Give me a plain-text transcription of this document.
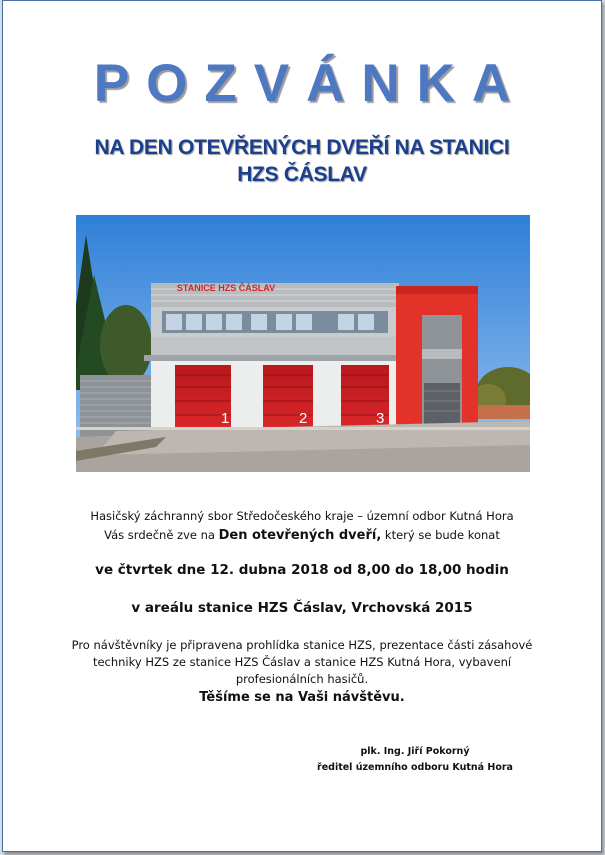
POZVÁNKA
NA DEN OTEVŘENÝCH DVEŘÍ NA STANICI
HZS ČÁSLAV
STANICE HZS ČÁSLAV
1	2	3
Hasičský záchranný sbor Středočeského kraje – územní odbor Kutná Hora
Vás srdečně zve na Den otevřených dveří, který se bude konat
ve čtvrtek dne 12. dubna 2018 od 8,00 do 18,00 hodin
v areálu stanice HZS Čáslav, Vrchovská 2015
Pro návštěvníky je připravena prohlídka stanice HZS, prezentace části zásahové techniky HZS ze stanice HZS Čáslav a stanice HZS Kutná Hora, vybavení profesionálních hasičů.
Těšíme se na Vaši návštěvu.
plk. Ing. Jiří Pokorný
ředitel územního odboru Kutná Hora
